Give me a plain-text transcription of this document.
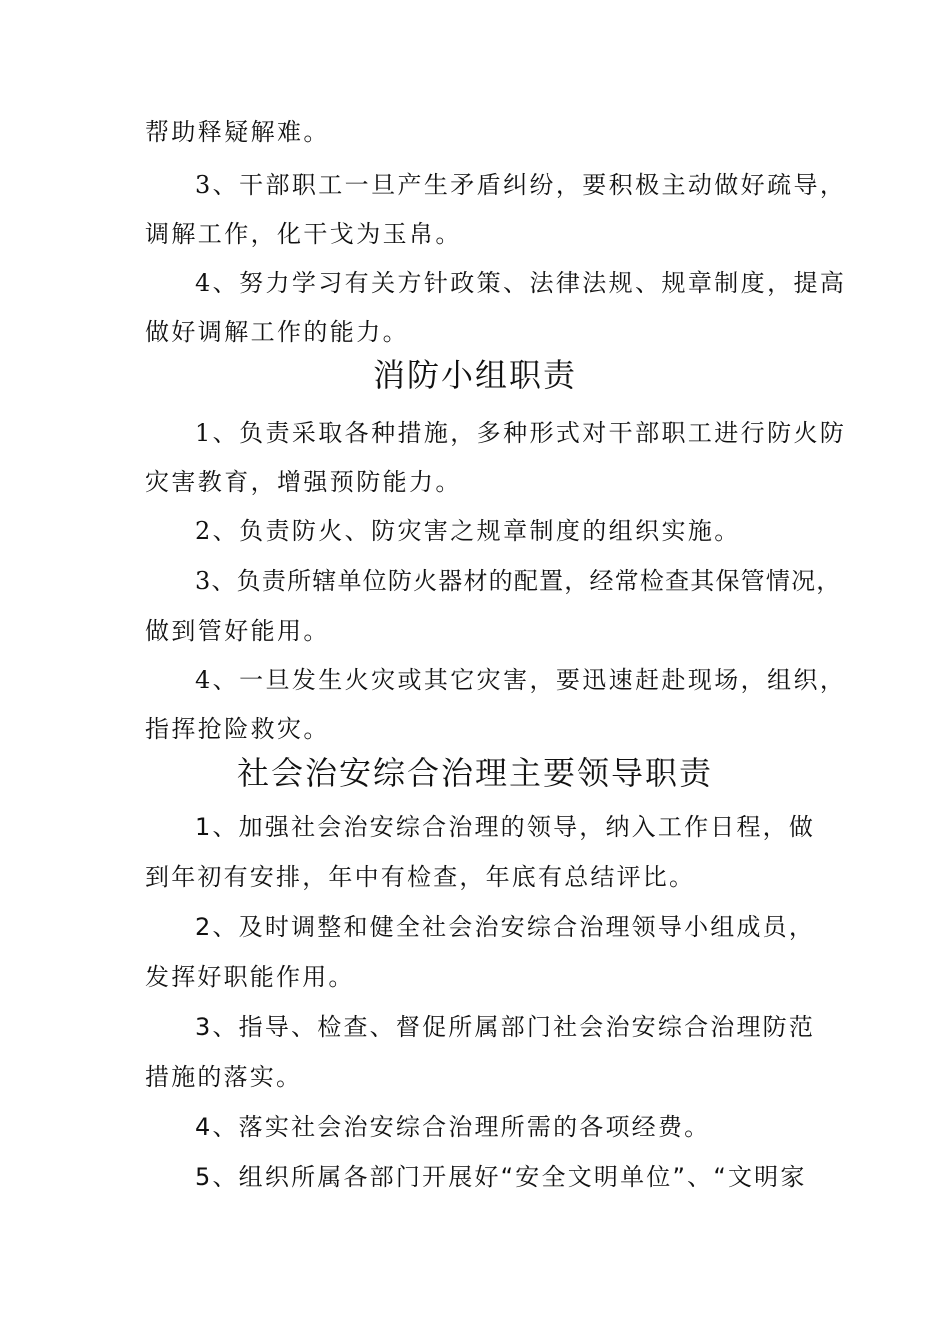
帮助释疑解难。
3、干部职工一旦产生矛盾纠纷，要积极主动做好疏导，
调解工作，化干戈为玉帛。
4、努力学习有关方针政策、法律法规、规章制度，提高
做好调解工作的能力。
消防小组职责
1、负责采取各种措施，多种形式对干部职工进行防火防
灾害教育，增强预防能力。
2、负责防火、防灾害之规章制度的组织实施。
3、负责所辖单位防火器材的配置，经常检查其保管情况，
做到管好能用。
4、一旦发生火灾或其它灾害，要迅速赶赴现场，组织，
指挥抢险救灾。
社会治安综合治理主要领导职责
1、加强社会治安综合治理的领导，纳入工作日程，做
到年初有安排，年中有检查，年底有总结评比。
2、及时调整和健全社会治安综合治理领导小组成员，
发挥好职能作用。
3、指导、检查、督促所属部门社会治安综合治理防范
措施的落实。
4、落实社会治安综合治理所需的各项经费。
5、组织所属各部门开展好“安全文明单位”、“文明家
